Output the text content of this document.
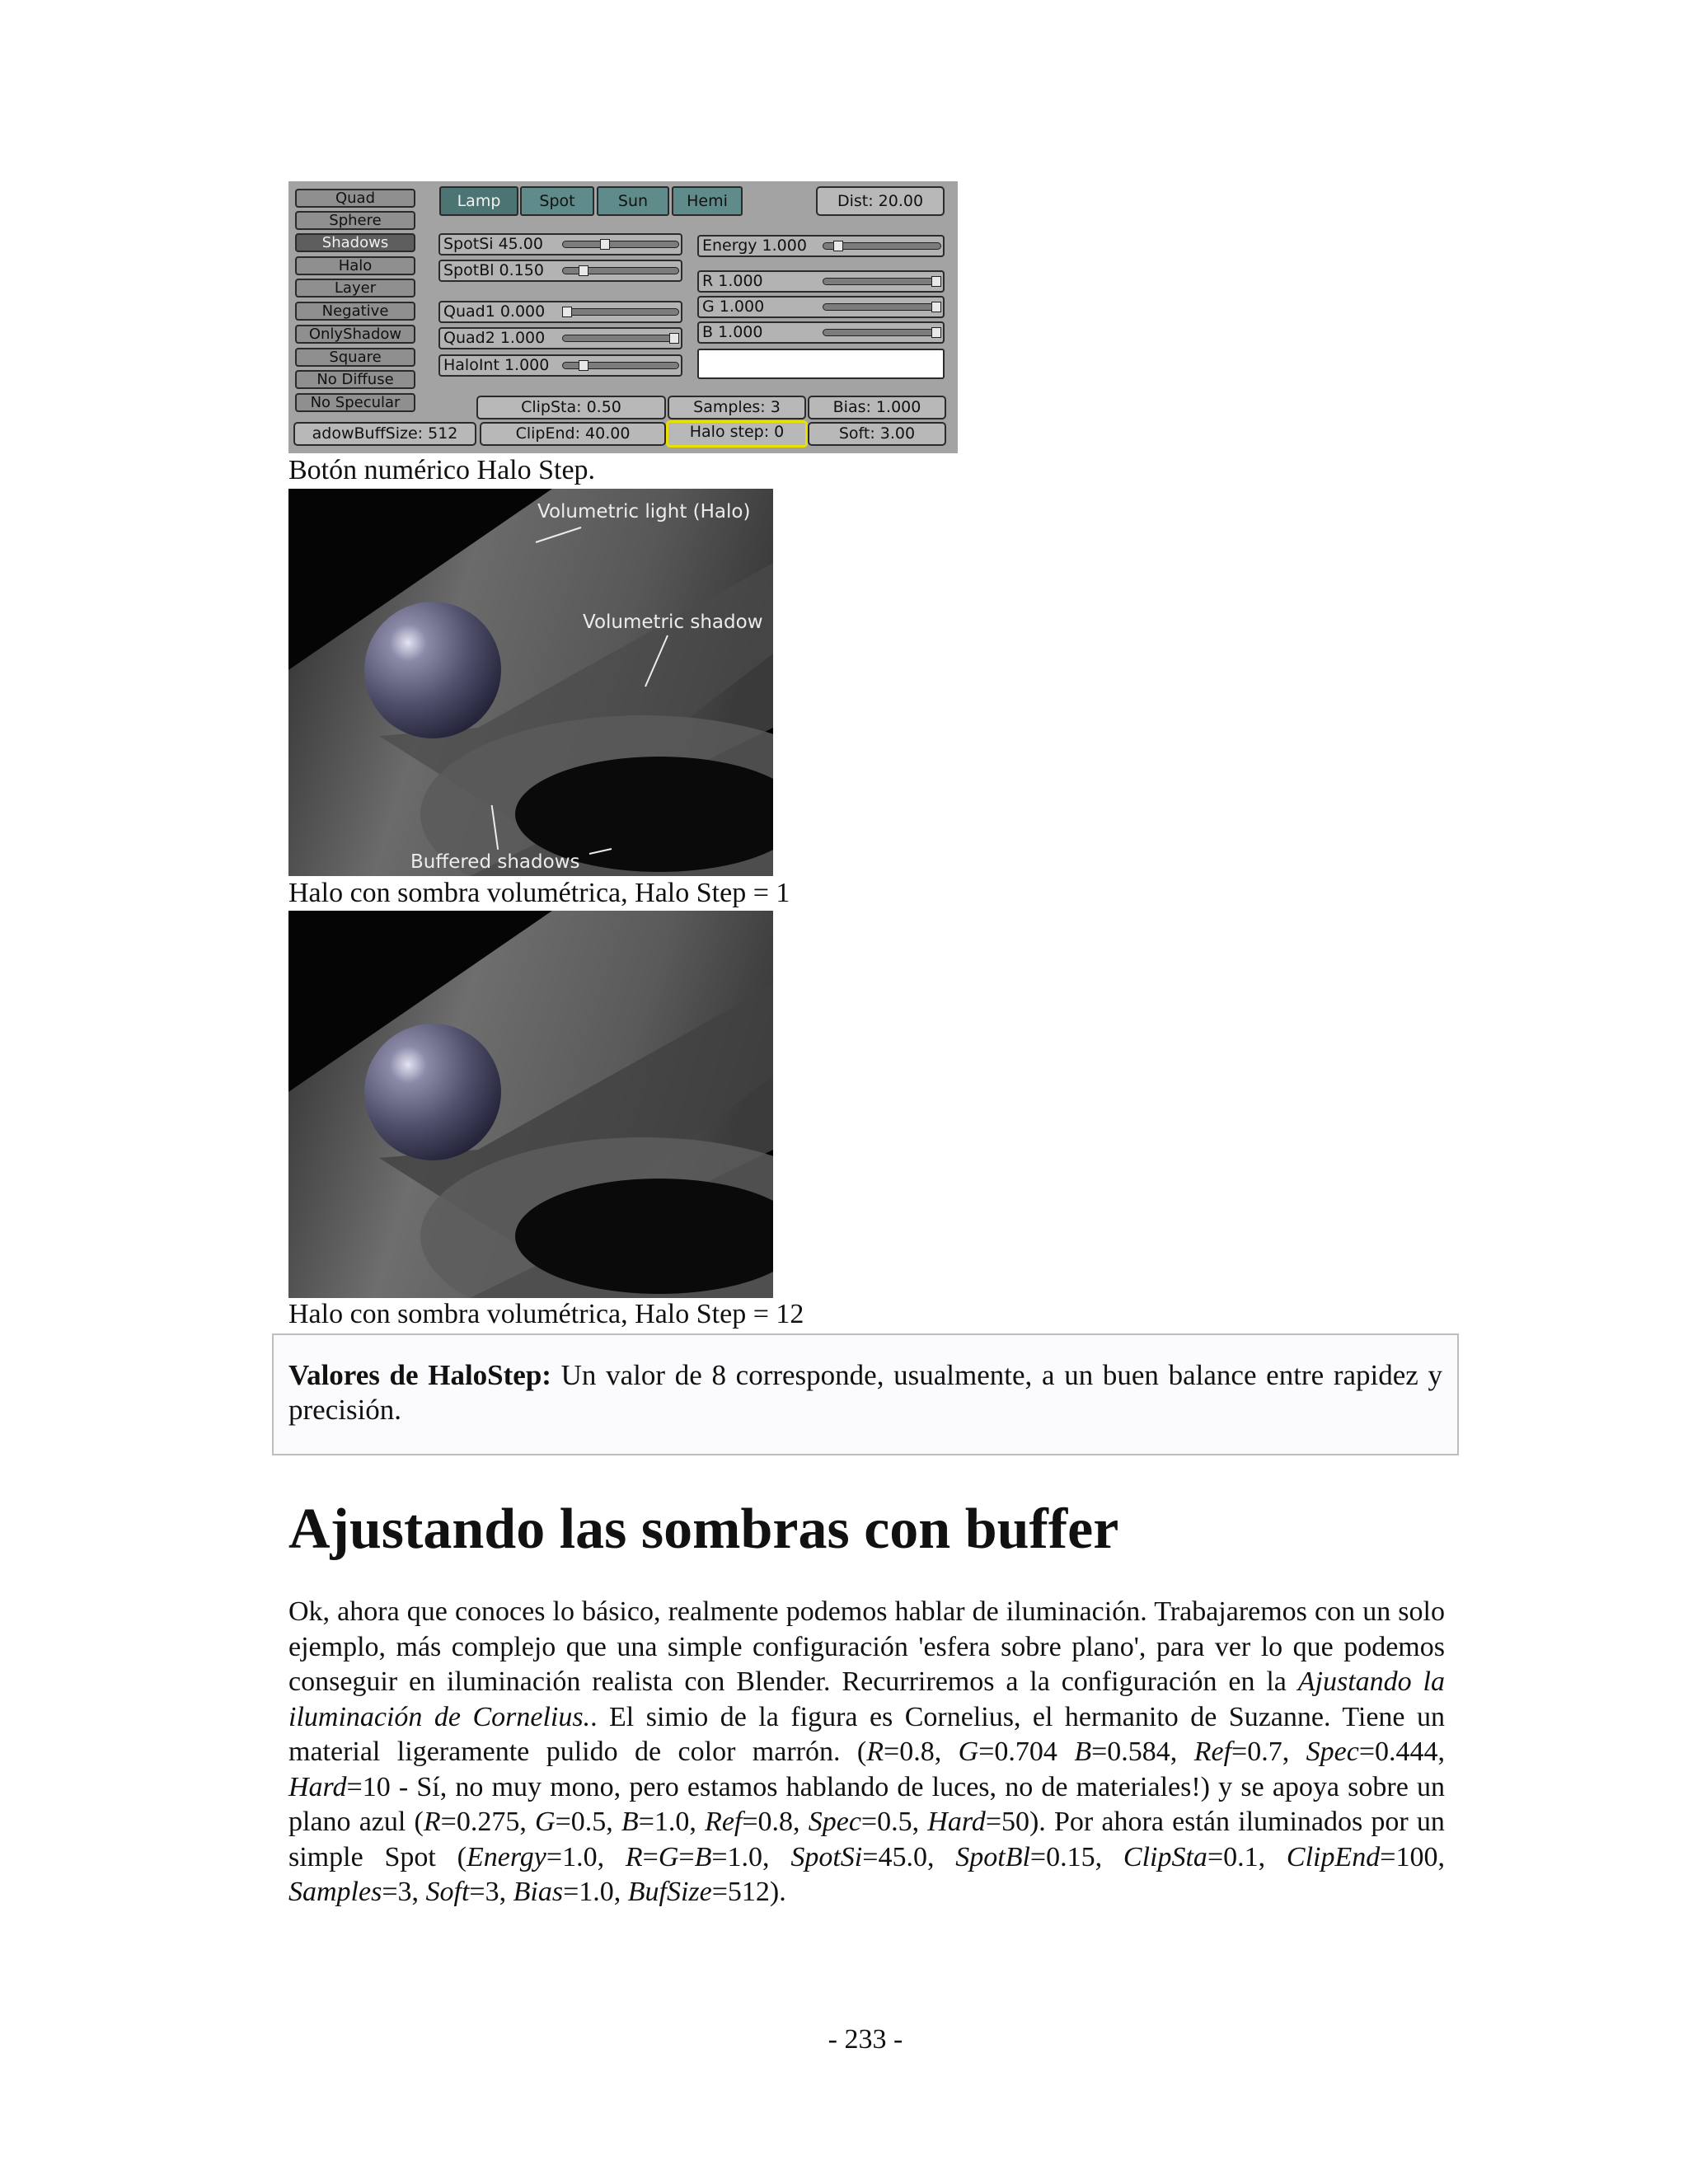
Quad
Sphere
Shadows
Halo
Layer
Negative
OnlyShadow
Square
No Diffuse
No Specular
Lamp	Spot	Sun	Hemi	Dist: 20.00
SpotSi 45.00
SpotBl 0.150
Quad1 0.000
Quad2 1.000
HaloInt 1.000
Energy 1.000
R 1.000
G 1.000
B 1.000
adowBuffSize: 512
ClipSta: 0.50
ClipEnd: 40.00
Samples: 3
Halo step: 0
Bias: 1.000
Soft: 3.00
Botón numérico Halo Step.
Volumetric light (Halo)
Volumetric shadow
Buffered shadows
Halo con sombra volumétrica, Halo Step = 1
Halo con sombra volumétrica, Halo Step = 12
Valores de HaloStep: Un valor de 8 corresponde, usualmente, a un buen balance entre rapidez y precisión.
Ajustando las sombras con buffer
Ok, ahora que conoces lo básico, realmente podemos hablar de iluminación. Trabajaremos con un solo ejemplo, más complejo que una simple configuración 'esfera sobre plano', para ver lo que podemos conseguir en iluminación realista con Blender. Recurriremos a la configuración en la Ajustando la iluminación de Cornelius.. El simio de la figura es Cornelius, el hermanito de Suzanne. Tiene un material ligeramente pulido de color marrón. (R=0.8, G=0.704 B=0.584, Ref=0.7, Spec=0.444, Hard=10 - Sí, no muy mono, pero estamos hablando de luces, no de materiales!) y se apoya sobre un plano azul (R=0.275, G=0.5, B=1.0, Ref=0.8, Spec=0.5, Hard=50). Por ahora están iluminados por un simple Spot (Energy=1.0, R=G=B=1.0, SpotSi=45.0, SpotBl=0.15, ClipSta=0.1, ClipEnd=100, Samples=3, Soft=3, Bias=1.0, BufSize=512).
- 233 -
